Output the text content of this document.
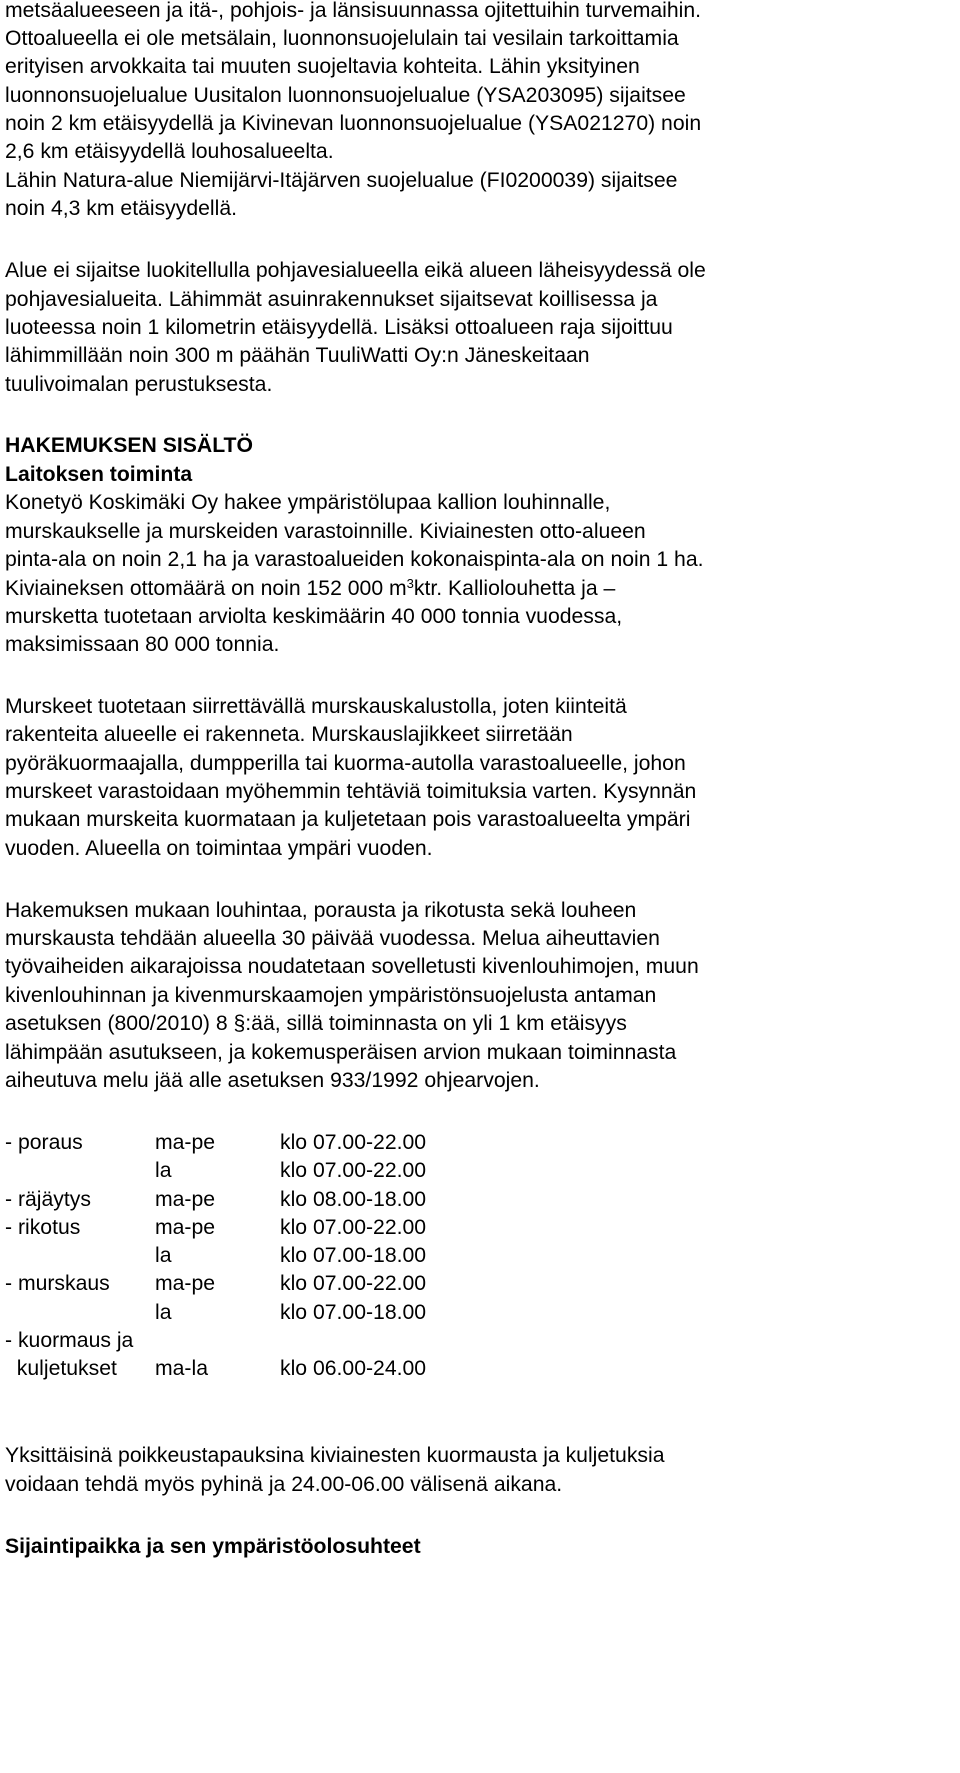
metsäalueeseen ja itä-, pohjois- ja länsisuunnassa ojitettuihin turvemaihin.
Ottoalueella ei ole metsälain, luonnonsuojelulain tai vesilain tarkoittamia
erityisen arvokkaita tai muuten suojeltavia kohteita. Lähin yksityinen
luonnonsuojelualue Uusitalon luonnonsuojelualue (YSA203095) sijaitsee
noin 2 km etäisyydellä ja Kivinevan luonnonsuojelualue (YSA021270) noin
2,6 km etäisyydellä louhosalueelta.
Lähin Natura-alue Niemijärvi-Itäjärven suojelualue (FI0200039) sijaitsee
noin 4,3 km etäisyydellä.
Alue ei sijaitse luokitellulla pohjavesialueella eikä alueen läheisyydessä ole
pohjavesialueita. Lähimmät asuinrakennukset sijaitsevat koillisessa ja
luoteessa noin 1 kilometrin etäisyydellä. Lisäksi ottoalueen raja sijoittuu
lähimmillään noin 300 m päähän TuuliWatti Oy:n Jäneskeitaan
tuulivoimalan perustuksesta.
HAKEMUKSEN SISÄLTÖ
Laitoksen toiminta
Konetyö Koskimäki Oy hakee ympäristölupaa kallion louhinnalle,
murskaukselle ja murskeiden varastoinnille. Kiviainesten otto-alueen
pinta-ala on noin 2,1 ha ja varastoalueiden kokonaispinta-ala on noin 1 ha.
Kiviaineksen ottomäärä on noin 152 000 $m^3ktr$. Kalliolouhetta ja –
mursketta tuotetaan arviolta keskimäärin 40 000 tonnia vuodessa,
maksimissaan 80 000 tonnia.
Murskeet tuotetaan siirrettävällä murskauskalustolla, joten kiinteitä
rakenteita alueelle ei rakenneta. Murskauslajikkeet siirretään
pyöräkuormaajalla, dumpperilla tai kuorma-autolla varastoalueelle, johon
murskeet varastoidaan myöhemmin tehtäviä toimituksia varten. Kysynnän
mukaan murskeita kuormataan ja kuljetetaan pois varastoalueelta ympäri
vuoden. Alueella on toimintaa ympäri vuoden.
Hakemuksen mukaan louhintaa, porausta ja rikotusta sekä louheen
murskausta tehdään alueella 30 päivää vuodessa. Melua aiheuttavien
työvaiheiden aikarajoissa noudatetaan sovelletusti kivenlouhimojen, muun
kivenlouhinnan ja kivenmurskaamojen ympäristönsuojelusta antaman
asetuksen (800/2010) 8 §:ää, sillä toiminnasta on yli 1 km etäisyys
lähimpään asutukseen, ja kokemusperäisen arvion mukaan toiminnasta
aiheutuva melu jää alle asetuksen 933/1992 ohjearvojen.
- poraus	ma-pe	klo 07.00-22.00
la	klo 07.00-22.00
- räjäytys	ma-pe	klo 08.00-18.00
- rikotus	ma-pe	klo 07.00-22.00
la	klo 07.00-18.00
- murskaus ma-pe	klo 07.00-22.00
la	klo 07.00-18.00
- kuormaus ja
kuljetukset ma-la	klo 06.00-24.00
Yksittäisinä poikkeustapauksina kiviainesten kuormausta ja kuljetuksia
voidaan tehdä myös pyhinä ja 24.00-06.00 välisenä aikana.
Sijaintipaikka ja sen ympäristöolosuhteet
